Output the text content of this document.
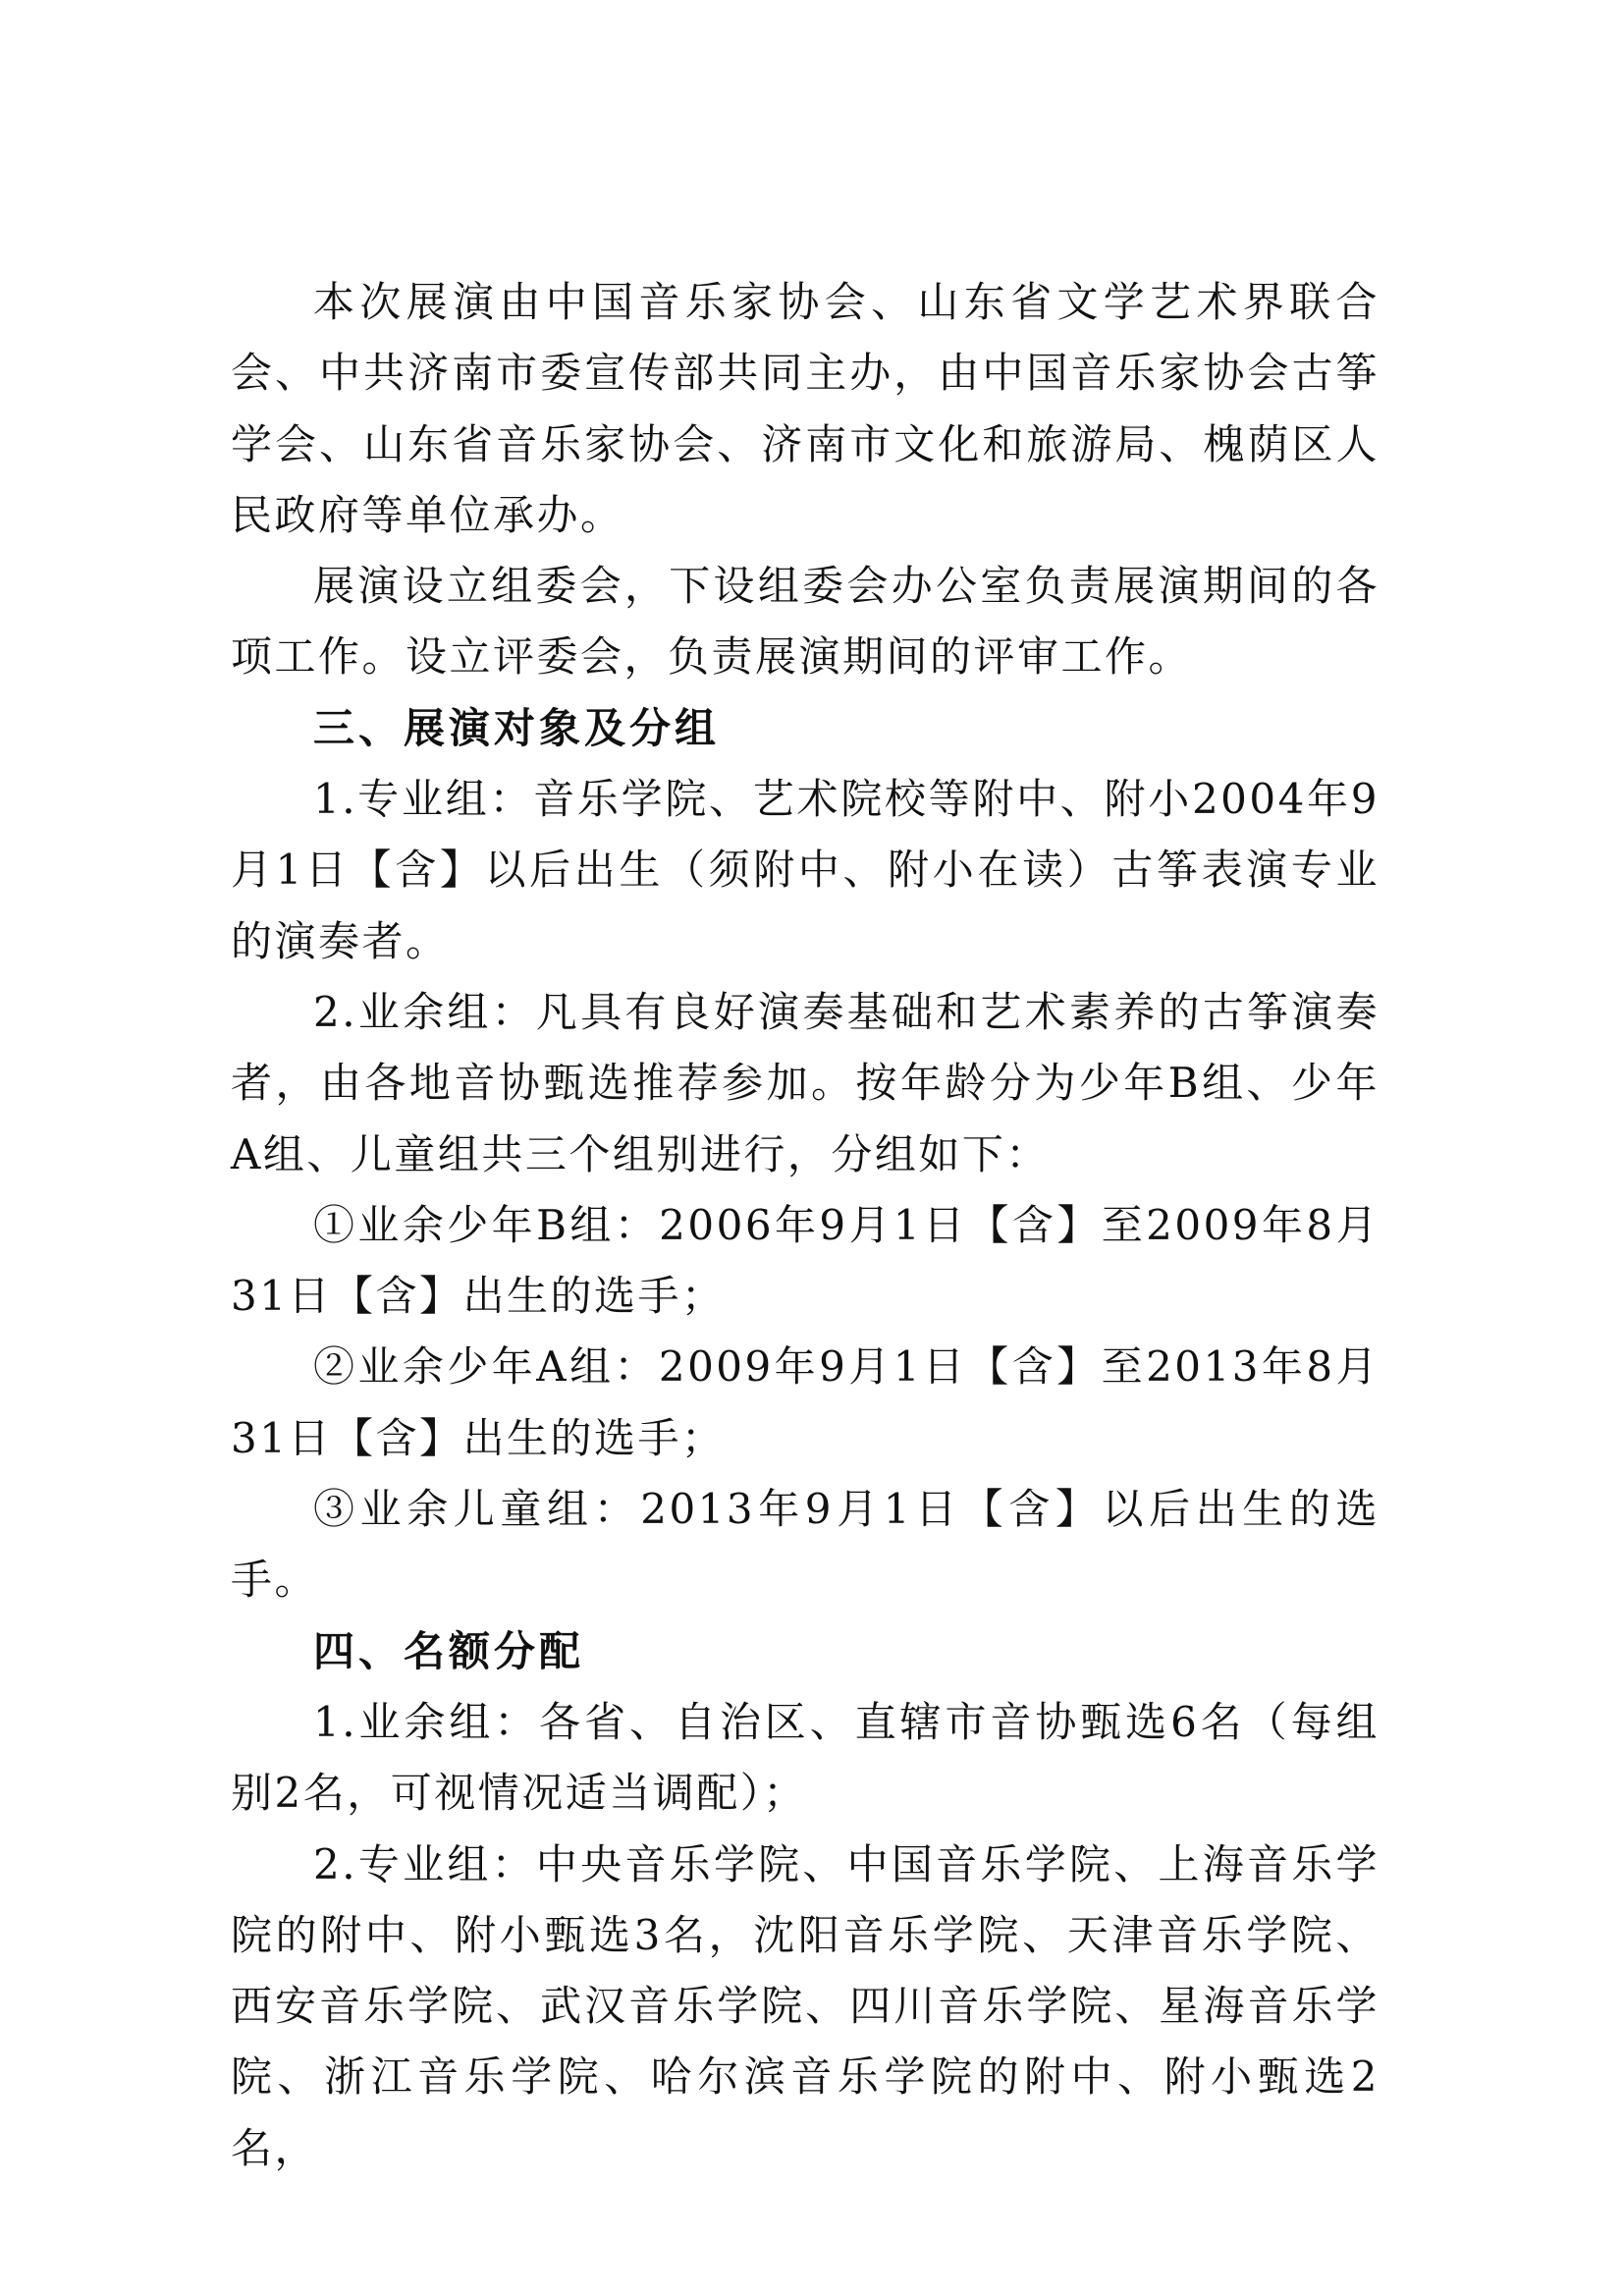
本次展演由中国音乐家协会、山东省文学艺术界联合会、中共济南市委宣传部共同主办，由中国音乐家协会古筝学会、山东省音乐家协会、济南市文化和旅游局、槐荫区人民政府等单位承办。

展演设立组委会，下设组委会办公室负责展演期间的各项工作。设立评委会，负责展演期间的评审工作。

三、展演对象及分组

1.专业组：音乐学院、艺术院校等附中、附小2004年9月1日【含】以后出生（须附中、附小在读）古筝表演专业的演奏者。

2.业余组：凡具有良好演奏基础和艺术素养的古筝演奏者，由各地音协甄选推荐参加。按年龄分为少年B组、少年A组、儿童组共三个组别进行，分组如下：

①业余少年B组：2006年9月1日【含】至2009年8月31日【含】出生的选手；

②业余少年A组：2009年9月1日【含】至2013年8月31日【含】出生的选手；

③业余儿童组：2013年9月1日【含】以后出生的选手。

四、名额分配

1.业余组：各省、自治区、直辖市音协甄选6名（每组别2名，可视情况适当调配）；

2.专业组：中央音乐学院、中国音乐学院、上海音乐学院的附中、附小甄选3名，沈阳音乐学院、天津音乐学院、西安音乐学院、武汉音乐学院、四川音乐学院、星海音乐学院、浙江音乐学院、哈尔滨音乐学院的附中、附小甄选2名，
